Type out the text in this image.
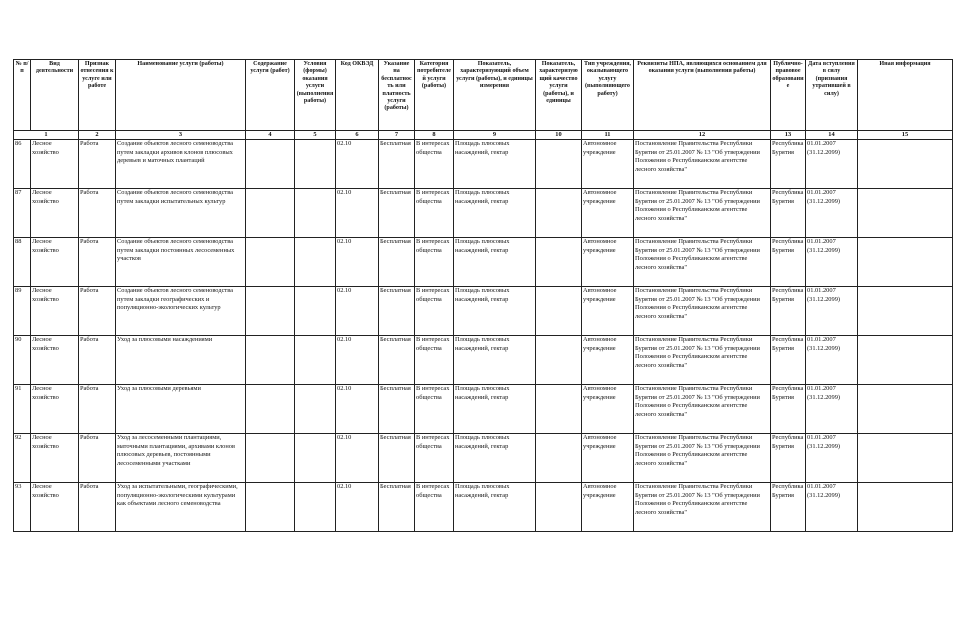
№ п/п	Вид деятельности	Признак отнесения к услуге или работе	Наименование услуги (работы)	Содержание услуги (работ)	Условия (формы) оказания услуги (выполнения работы)	Код ОКВЭД	Указание на бесплатность или платность услуги (работы)	Категория потребителей услуги (работы)	Показатель, характеризующий объем услуги (работы), и единицы измерения	Показатель, характеризующий качество услуги (работы), и единицы	Тип учреждения, оказывающего услугу (выполняющего работу)	Реквизиты НПА, являющихся основанием для оказания услуги (выполнения работы)	Публично-правовое образование	Дата вступления в силу (признания утратившей в силу)	Иная информация
1		2	3	4	5	6	7	8	9	10	11	12	13	14	15
86	Лесное хозяйство	Работа	Создание объектов лесного семеноводства путем закладки архивов клонов плюсовых деревьев и маточных плантаций			02.10	Бесплатная	В интересах общества	Площадь плюсовых насаждений, гектар		Автономное учреждение	Постановление Правительства Республики Бурятия от 25.01.2007 № 13 "Об утверждении Положения о Республиканском агентстве лесного хозяйства"	Республика Бурятия	01.01.2007 (31.12.2099)	
87	Лесное хозяйство	Работа	Создание объектов лесного семеноводства путем закладки испытательных культур			02.10	Бесплатная	В интересах общества	Площадь плюсовых насаждений, гектар		Автономное учреждение	Постановление Правительства Республики Бурятия от 25.01.2007 № 13 "Об утверждении Положения о Республиканском агентстве лесного хозяйства"	Республика Бурятия	01.01.2007 (31.12.2099)	
88	Лесное хозяйство	Работа	Создание объектов лесного семеноводства путем закладки постоянных лесосеменных участков			02.10	Бесплатная	В интересах общества	Площадь плюсовых насаждений, гектар		Автономное учреждение	Постановление Правительства Республики Бурятия от 25.01.2007 № 13 "Об утверждении Положения о Республиканском агентстве лесного хозяйства"	Республика Бурятия	01.01.2007 (31.12.2099)	
89	Лесное хозяйство	Работа	Создание объектов лесного семеноводства путем закладки географических и популяционно-экологических культур			02.10	Бесплатная	В интересах общества	Площадь плюсовых насаждений, гектар		Автономное учреждение	Постановление Правительства Республики Бурятия от 25.01.2007 № 13 "Об утверждении Положения о Республиканском агентстве лесного хозяйства"	Республика Бурятия	01.01.2007 (31.12.2099)	
90	Лесное хозяйство	Работа	Уход за плюсовыми насаждениями			02.10	Бесплатная	В интересах общества	Площадь плюсовых насаждений, гектар		Автономное учреждение	Постановление Правительства Республики Бурятия от 25.01.2007 № 13 "Об утверждении Положения о Республиканском агентстве лесного хозяйства"	Республика Бурятия	01.01.2007 (31.12.2099)	
91	Лесное хозяйство	Работа	Уход за плюсовыми деревьями			02.10	Бесплатная	В интересах общества	Площадь плюсовых насаждений, гектар		Автономное учреждение	Постановление Правительства Республики Бурятия от 25.01.2007 № 13 "Об утверждении Положения о Республиканском агентстве лесного хозяйства"	Республика Бурятия	01.01.2007 (31.12.2099)	
92	Лесное хозяйство	Работа	Уход за лесосеменными плантациями, маточными плантациями, архивами клонов плюсовых деревьев, постоянными лесосеменными участками			02.10	Бесплатная	В интересах общества	Площадь плюсовых насаждений, гектар		Автономное учреждение	Постановление Правительства Республики Бурятия от 25.01.2007 № 13 "Об утверждении Положения о Республиканском агентстве лесного хозяйства"	Республика Бурятия	01.01.2007 (31.12.2099)	
93	Лесное хозяйство	Работа	Уход за испытательными, географическими, популяционно-экологическими культурами как объектами лесного семеноводства			02.10	Бесплатная	В интересах общества	Площадь плюсовых насаждений, гектар		Автономное учреждение	Постановление Правительства Республики Бурятия от 25.01.2007 № 13 "Об утверждении Положения о Республиканском агентстве лесного хозяйства"	Республика Бурятия	01.01.2007 (31.12.2099)	
